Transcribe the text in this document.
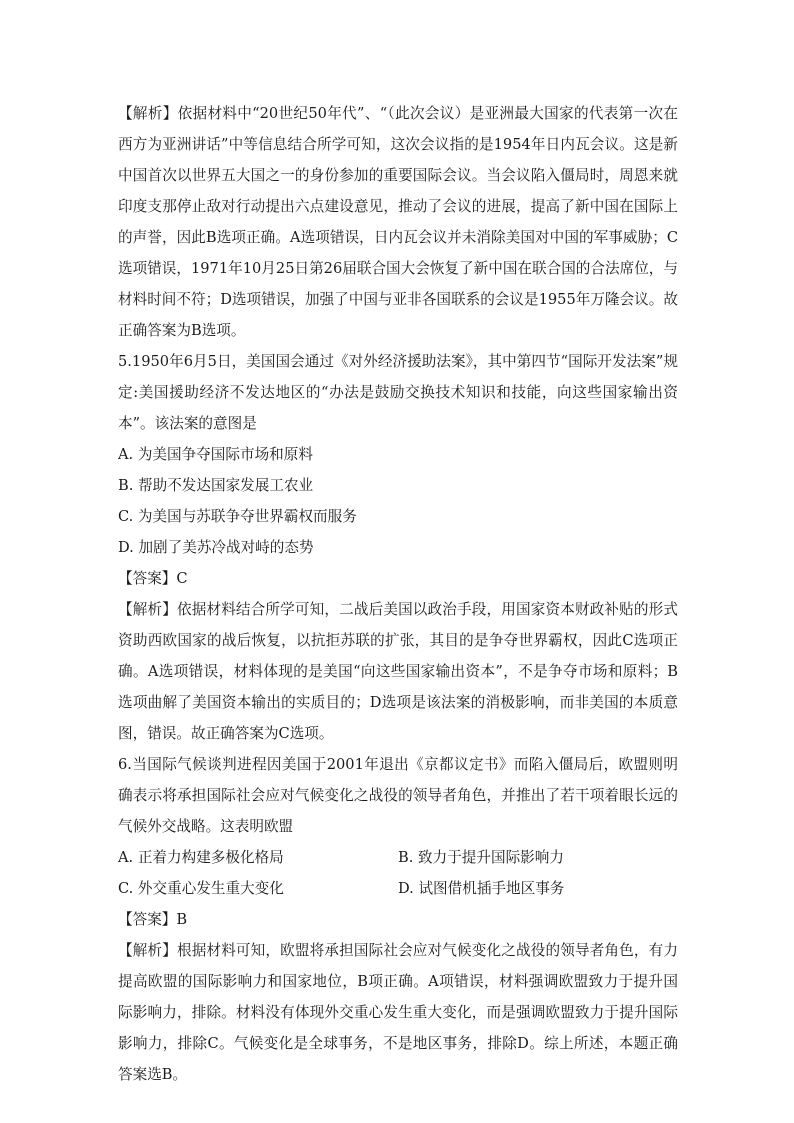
【解析】依据材料中“20世纪50年代”、“（此次会议）是亚洲最大国家的代表第一次在西方为亚洲讲话”中等信息结合所学可知，这次会议指的是1954年日内瓦会议。这是新中国首次以世界五大国之一的身份参加的重要国际会议。当会议陷入僵局时，周恩来就印度支那停止敌对行动提出六点建设意见，推动了会议的进展，提高了新中国在国际上的声誉，因此B选项正确。A选项错误，日内瓦会议并未消除美国对中国的军事威胁；C选项错误，1971年10月25日第26届联合国大会恢复了新中国在联合国的合法席位，与材料时间不符；D选项错误，加强了中国与亚非各国联系的会议是1955年万隆会议。故正确答案为B选项。

5.1950年6月5日，美国国会通过《对外经济援助法案》，其中第四节“国际开发法案”规定:美国援助经济不发达地区的“办法是鼓励交换技术知识和技能，向这些国家输出资本”。该法案的意图是

A. 为美国争夺国际市场和原料

B. 帮助不发达国家发展工农业

C. 为美国与苏联争夺世界霸权而服务

D. 加剧了美苏冷战对峙的态势

【答案】C

【解析】依据材料结合所学可知，二战后美国以政治手段，用国家资本财政补贴的形式资助西欧国家的战后恢复，以抗拒苏联的扩张，其目的是争夺世界霸权，因此C选项正确。A选项错误，材料体现的是美国“向这些国家输出资本”，不是争夺市场和原料；B选项曲解了美国资本输出的实质目的；D选项是该法案的消极影响，而非美国的本质意图，错误。故正确答案为C选项。

6.当国际气候谈判进程因美国于2001年退出《京都议定书》而陷入僵局后，欧盟则明确表示将承担国际社会应对气候变化之战役的领导者角色，并推出了若干项着眼长远的气候外交战略。这表明欧盟

A. 正着力构建多极化格局	B. 致力于提升国际影响力

C. 外交重心发生重大变化	D. 试图借机插手地区事务

【答案】B

【解析】根据材料可知，欧盟将承担国际社会应对气候变化之战役的领导者角色，有力提高欧盟的国际影响力和国家地位，B项正确。A项错误，材料强调欧盟致力于提升国际影响力，排除。材料没有体现外交重心发生重大变化，而是强调欧盟致力于提升国际影响力，排除C。气候变化是全球事务，不是地区事务，排除D。综上所述，本题正确答案选B。
